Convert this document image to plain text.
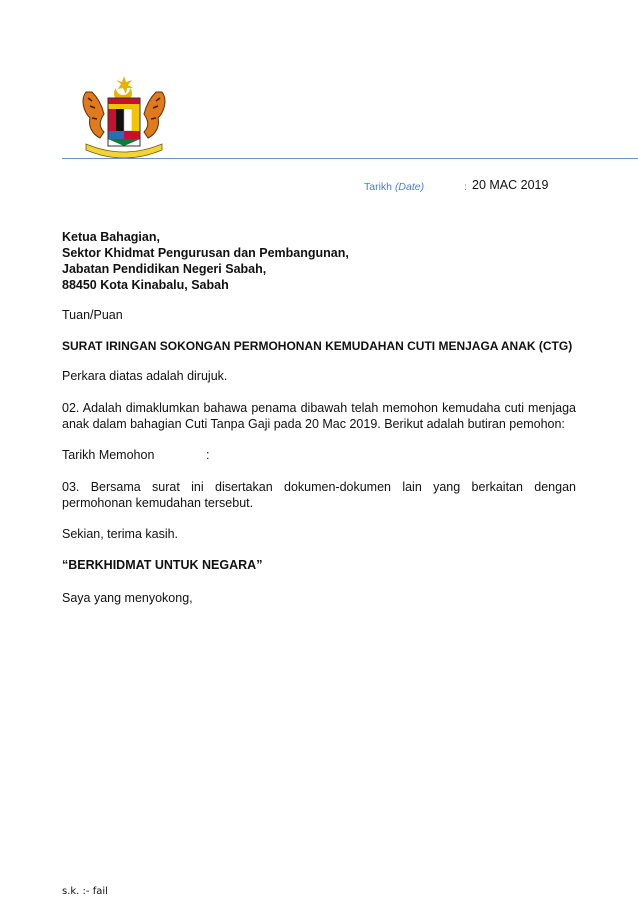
Tarikh (Date)	: 20 MAC 2019

Ketua Bahagian,

Sektor Khidmat Pengurusan dan Pembangunan,

Jabatan Pendidikan Negeri Sabah,

88450 Kota Kinabalu, Sabah

Tuan/Puan

SURAT IRINGAN SOKONGAN PERMOHONAN KEMUDAHAN CUTI MENJAGA ANAK (CTG)

Perkara diatas adalah dirujuk.

02. Adalah dimaklumkan bahawa penama dibawah telah memohon kemudaha cuti menjaga anak dalam bahagian Cuti Tanpa Gaji pada 20 Mac 2019. Berikut adalah butiran pemohon:

Tarikh Memohon	:

03. Bersama surat ini disertakan dokumen-dokumen lain yang berkaitan dengan permohonan kemudahan tersebut.

Sekian, terima kasih.

“BERKHIDMAT UNTUK NEGARA”

Saya yang menyokong,

s.k. :- fail
